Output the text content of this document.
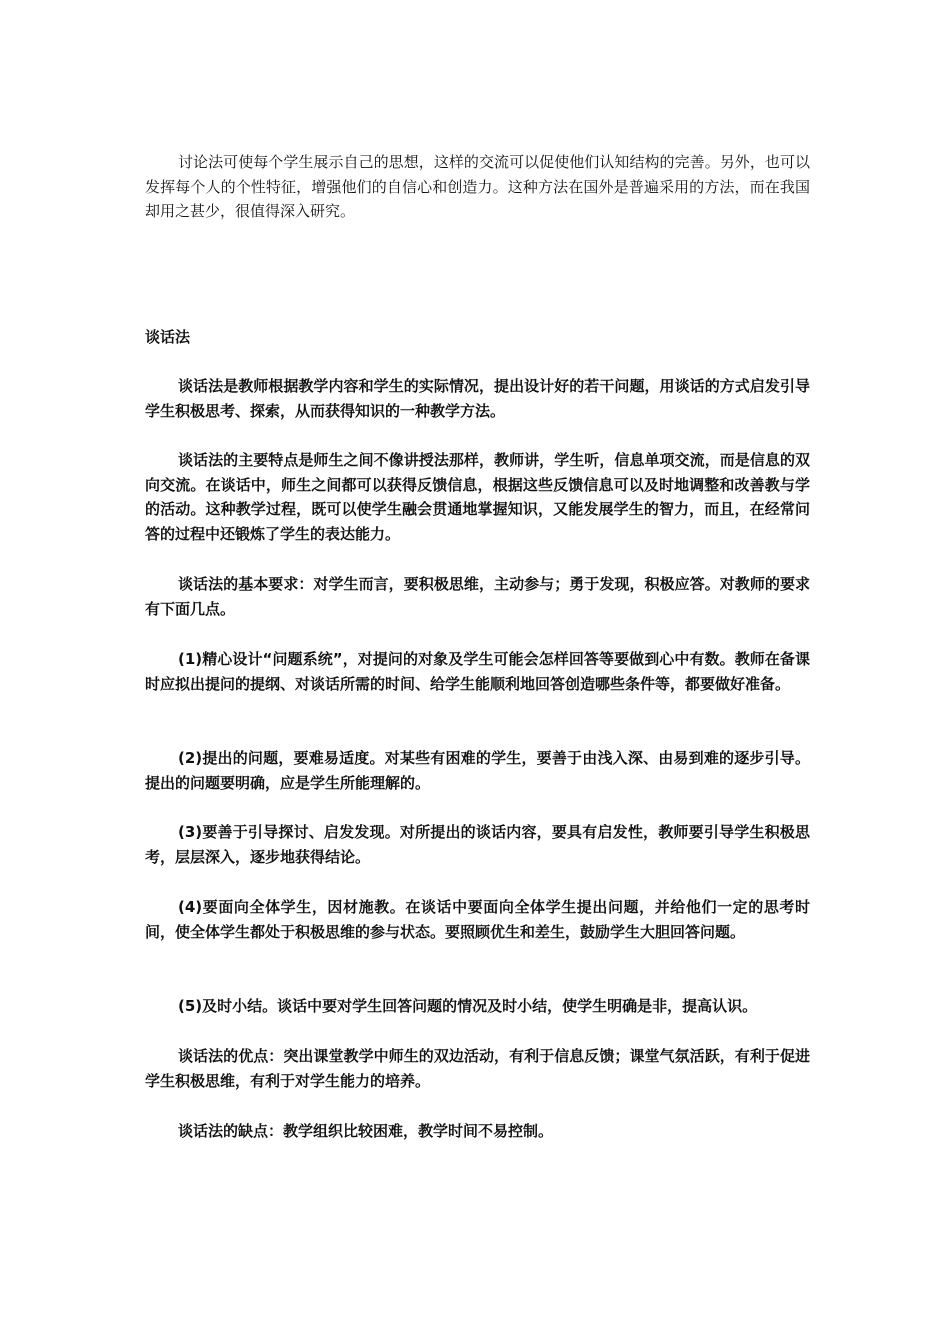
讨论法可使每个学生展示自己的思想，这样的交流可以促使他们认知结构的完善。另外，也可以发挥每个人的个性特征，增强他们的自信心和创造力。这种方法在国外是普遍采用的方法，而在我国却用之甚少，很值得深入研究。

谈话法

谈话法是教师根据教学内容和学生的实际情况，提出设计好的若干问题，用谈话的方式启发引导学生积极思考、探索，从而获得知识的一种教学方法。

谈话法的主要特点是师生之间不像讲授法那样，教师讲，学生听，信息单项交流，而是信息的双向交流。在谈话中，师生之间都可以获得反馈信息，根据这些反馈信息可以及时地调整和改善教与学的活动。这种教学过程，既可以使学生融会贯通地掌握知识，又能发展学生的智力，而且，在经常问答的过程中还锻炼了学生的表达能力。

谈话法的基本要求：对学生而言，要积极思维，主动参与；勇于发现，积极应答。对教师的要求有下面几点。

(1)精心设计“问题系统”，对提问的对象及学生可能会怎样回答等要做到心中有数。教师在备课时应拟出提问的提纲、对谈话所需的时间、给学生能顺利地回答创造哪些条件等，都要做好准备。

(2)提出的问题，要难易适度。对某些有困难的学生，要善于由浅入深、由易到难的逐步引导。提出的问题要明确，应是学生所能理解的。

(3)要善于引导探讨、启发发现。对所提出的谈话内容，要具有启发性，教师要引导学生积极思考，层层深入，逐步地获得结论。

(4)要面向全体学生，因材施教。在谈话中要面向全体学生提出问题，并给他们一定的思考时间，使全体学生都处于积极思维的参与状态。要照顾优生和差生，鼓励学生大胆回答问题。

(5)及时小结。谈话中要对学生回答问题的情况及时小结，使学生明确是非，提高认识。

谈话法的优点：突出课堂教学中师生的双边活动，有利于信息反馈；课堂气氛活跃，有利于促进学生积极思维，有利于对学生能力的培养。

谈话法的缺点：教学组织比较困难，教学时间不易控制。
